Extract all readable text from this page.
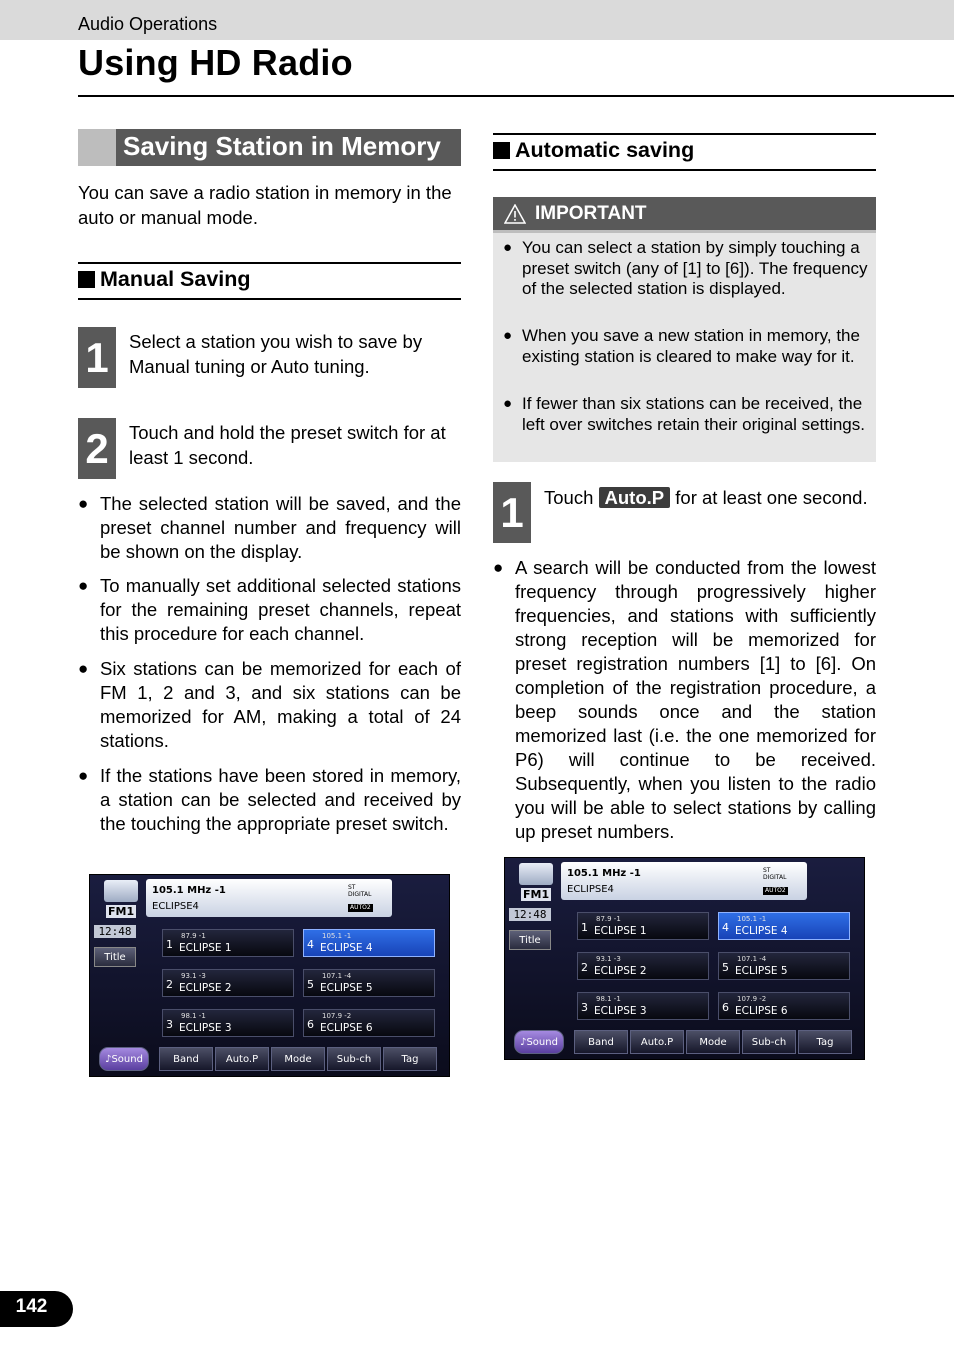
Audio Operations
Using HD Radio
Saving Station in Memory
You can save a radio station in memory in the auto or manual mode.
Manual Saving
1	Select a station you wish to save by Manual tuning or Auto tuning.
2	Touch and hold the preset switch for at least 1 second.
● The selected station will be saved, and the preset channel number and frequency will be shown on the display.
● To manually set additional selected stations for the remaining preset channels, repeat this procedure for each channel.
● Six stations can be memorized for each of FM 1, 2 and 3, and six stations can be memorized for AM, making a total of 24 stations.
● If the stations have been stored in memory, a station can be selected and received by the touching the appropriate preset switch.
FM1
12:48
Title
105.1 MHz -1
ECLIPSE4
ST
DIGITAL
AUTO2
1
87.9 -1
ECLIPSE 1	4
105.1 -1
ECLIPSE 4
2
93.1 -3
ECLIPSE 2	5
107.1 -4
ECLIPSE 5
3
98.1 -1
ECLIPSE 3	6
107.9 -2
ECLIPSE 6
♪Sound	Band	Auto.P	Mode	Sub-ch	Tag
Automatic saving
IMPORTANT
● You can select a station by simply touching a preset switch (any of [1] to [6]). The frequency of the selected station is displayed.
● When you save a new station in memory, the existing station is cleared to make way for it.
● If fewer than six stations can be received, the left over switches retain their original settings.
1	Touch Auto.P for at least one second.
● A search will be conducted from the lowest frequency through progressively higher frequencies, and stations with sufficiently strong reception will be memorized for preset registration numbers [1] to [6]. On completion of the registration procedure, a beep sounds once and the station memorized last (i.e. the one memorized for P6) will continue to be received. Subsequently, when you listen to the radio you will be able to select stations by calling up preset numbers.
FM1
12:48
Title
105.1 MHz -1
ECLIPSE4
ST
DIGITAL
AUTO2
1
87.9 -1
ECLIPSE 1	4
105.1 -1
ECLIPSE 4
2
93.1 -3
ECLIPSE 2	5
107.1 -4
ECLIPSE 5
3
98.1 -1
ECLIPSE 3	6
107.9 -2
ECLIPSE 6
♪Sound	Band	Auto.P	Mode	Sub-ch	Tag
142
